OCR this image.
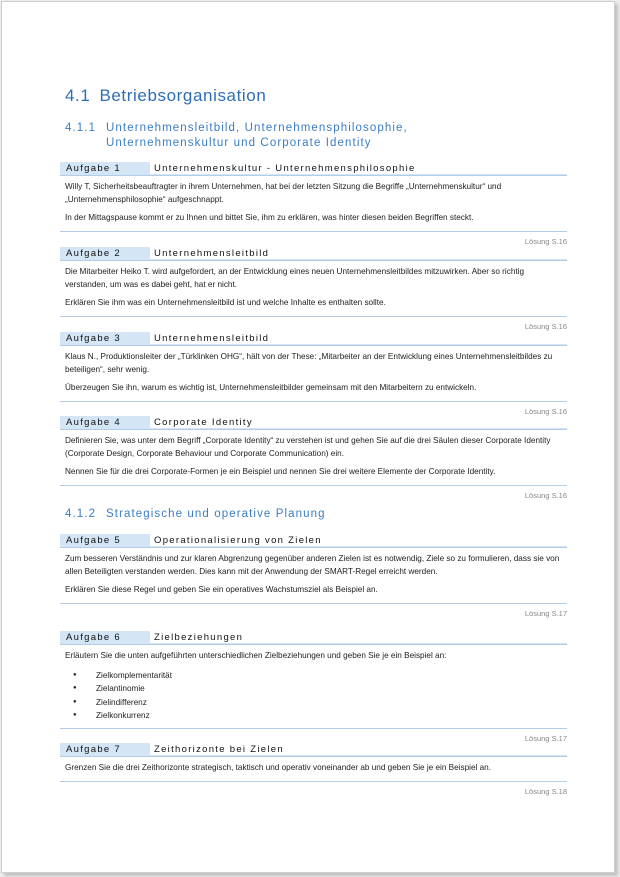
4.1 Betriebsorganisation
4.1.1 Unternehmensleitbild, Unternehmensphilosophie,
Unternehmenskultur und Corporate Identity
Aufgabe 1	Unternehmenskultur - Unternehmensphilosophie

Willy T, Sicherheitsbeauftragter in ihrem Unternehmen, hat bei der letzten Sitzung die Begriffe „Unternehmenskultur“ und „Unternehmensphilosophie“ aufgeschnappt.

In der Mittagspause kommt er zu Ihnen und bittet Sie, ihm zu erklären, was hinter diesen beiden Begriffen steckt.

Lösung S.16
Aufgabe 2	Unternehmensleitbild

Die Mitarbeiter Heiko T. wird aufgefordert, an der Entwicklung eines neuen Unternehmensleitbildes mitzuwirken. Aber so richtig verstanden, um was es dabei geht, hat er nicht.

Erklären Sie ihm was ein Unternehmensleitbild ist und welche Inhalte es enthalten sollte.

Lösung S.16
Aufgabe 3	Unternehmensleitbild

Klaus N., Produktionsleiter der „Türklinken OHG“, hält von der These: „Mitarbeiter an der Entwicklung eines Unternehmensleitbildes zu beteiligen“, sehr wenig.

Überzeugen Sie ihn, warum es wichtig ist, Unternehmensleitbilder gemeinsam mit den Mitarbeitern zu entwickeln.

Lösung S.16
Aufgabe 4	Corporate Identity

Definieren Sie, was unter dem Begriff „Corporate Identity“ zu verstehen ist und gehen Sie auf die drei Säulen dieser Corporate Identity (Corporate Design, Corporate Behaviour und Corporate Communication) ein.

Nennen Sie für die drei Corporate-Formen je ein Beispiel und nennen Sie drei weitere Elemente der Corporate Identity.

Lösung S.16
4.1.2 Strategische und operative Planung
Aufgabe 5	Operationalisierung von Zielen

Zum besseren Verständnis und zur klaren Abgrenzung gegenüber anderen Zielen ist es notwendig, Ziele so zu formulieren, dass sie von allen Beteiligten verstanden werden. Dies kann mit der Anwendung der SMART-Regel erreicht werden.

Erklären Sie diese Regel und geben Sie ein operatives Wachstumsziel als Beispiel an.

Lösung S.17
Aufgabe 6	Zielbeziehungen

Erläutern Sie die unten aufgeführten unterschiedlichen Zielbeziehungen und geben Sie je ein Beispiel an:

● Zielkomplementarität
● Zielantinomie
● Zielindifferenz
● Zielkonkurrenz
Lösung S.17
Aufgabe 7	Zeithorizonte bei Zielen

Grenzen Sie die drei Zeithorizonte strategisch, taktisch und operativ voneinander ab und geben Sie je ein Beispiel an.

Lösung S.18
